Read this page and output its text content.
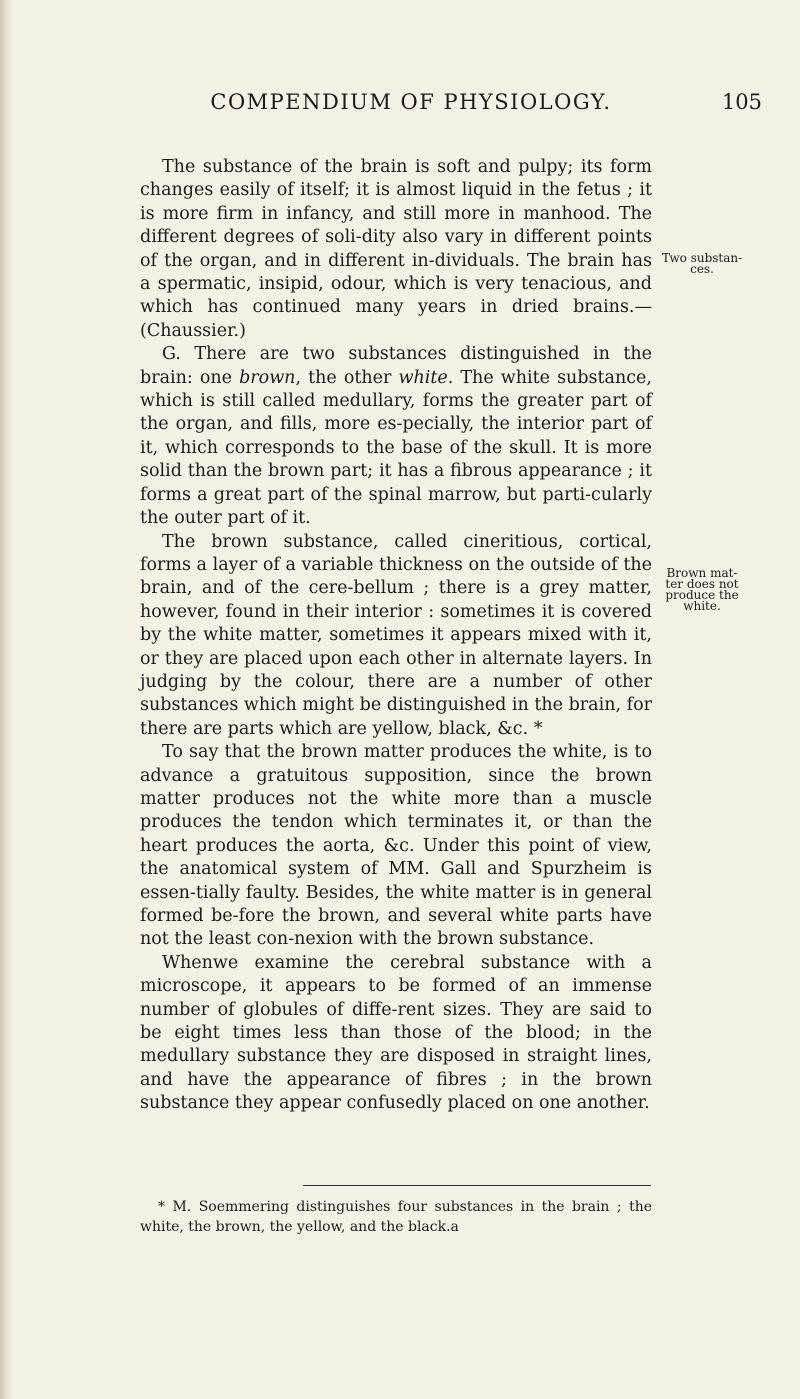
COMPENDIUM OF PHYSIOLOGY.	105

The substance of the brain is soft and pulpy; its form changes easily of itself; it is almost liquid in the fetus ; it is more firm in infancy, and still more in manhood. The different degrees of soli-dity also vary in different points of the organ, and in different in-dividuals. The brain has a spermatic, insipid, odour, which is very tenacious, and which has continued many years in dried brains.—(Chaussier.)

G. There are two substances distinguished in the brain: one brown, the other white. The white substance, which is still called medullary, forms the greater part of the organ, and fills, more es-pecially, the interior part of it, which corresponds to the base of the skull. It is more solid than the brown part; it has a fibrous appearance ; it forms a great part of the spinal marrow, but parti-cularly the outer part of it.

The brown substance, called cineritious, cortical, forms a layer of a variable thickness on the outside of the brain, and of the cere-bellum ; there is a grey matter, however, found in their interior : sometimes it is covered by the white matter, sometimes it appears mixed with it, or they are placed upon each other in alternate layers. In judging by the colour, there are a number of other substances which might be distinguished in the brain, for there are parts which are yellow, black, &c. *

To say that the brown matter produces the white, is to advance a gratuitous supposition, since the brown matter produces not the white more than a muscle produces the tendon which terminates it, or than the heart produces the aorta, &c. Under this point of view, the anatomical system of MM. Gall and Spurzheim is essen-tially faulty. Besides, the white matter is in general formed be-fore the brown, and several white parts have not the least con-nexion with the brown substance.

Whenwe examine the cerebral substance with a microscope, it appears to be formed of an immense number of globules of diffe-rent sizes. They are said to be eight times less than those of the blood; in the medullary substance they are disposed in straight lines, and have the appearance of fibres ; in the brown substance they appear confusedly placed on one another.

Two substan-ces.
Brown mat-ter does not produce the white.
* M. Soemmering distinguishes four substances in the brain ; the white, the brown, the yellow, and the black.a
